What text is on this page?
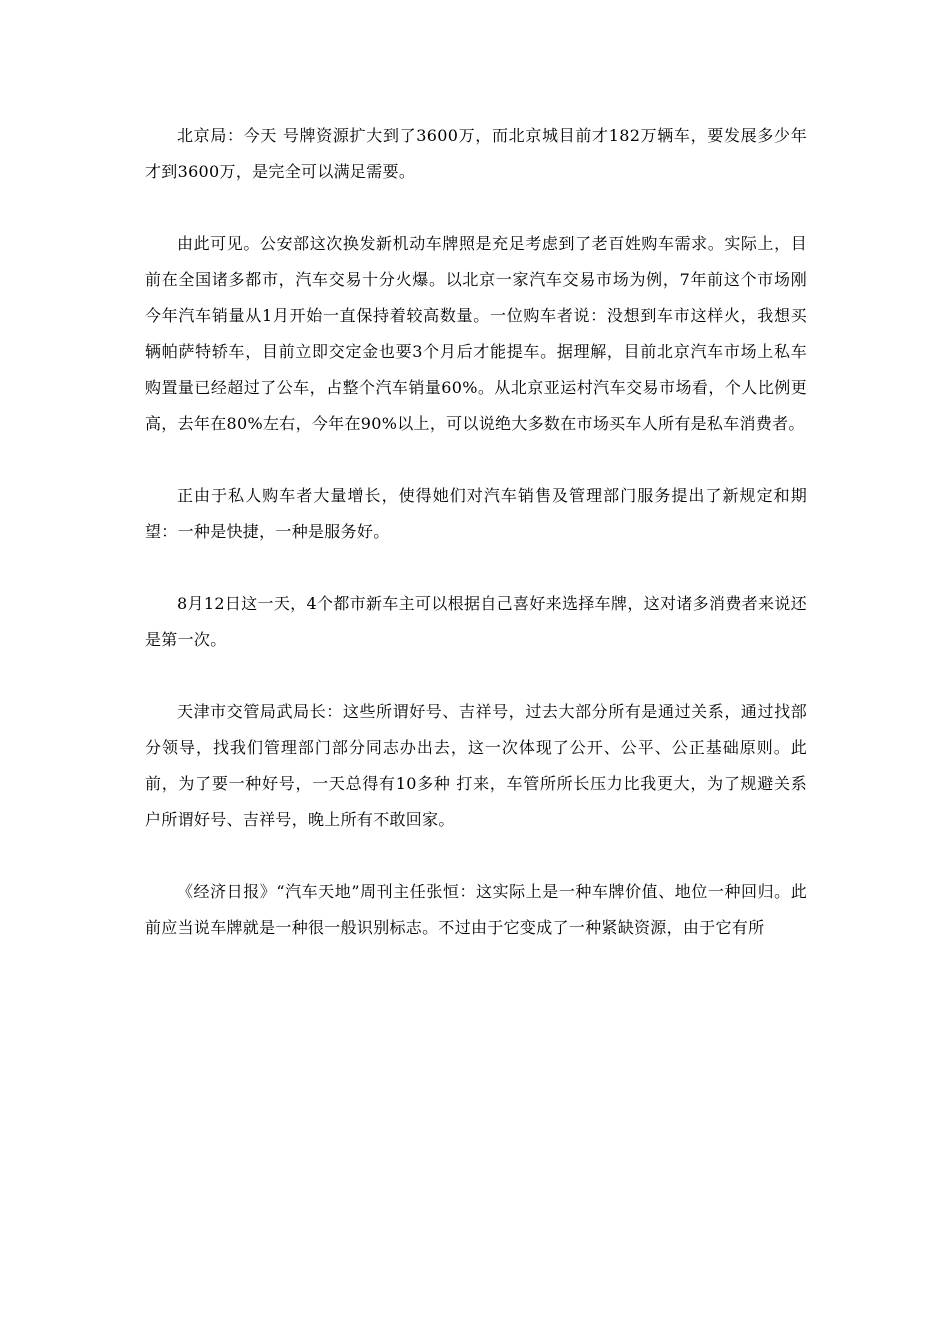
北京局：今天 号牌资源扩大到了3600万，而北京城目前才182万辆车，要发展多少年才到3600万，是完全可以满足需要。

由此可见。公安部这次换发新机动车牌照是充足考虑到了老百姓购车需求。实际上，目前在全国诸多都市，汽车交易十分火爆。以北京一家汽车交易市场为例，7年前这个市场刚今年汽车销量从1月开始一直保持着较高数量。一位购车者说：没想到车市这样火，我想买辆帕萨特轿车，目前立即交定金也要3个月后才能提车。据理解，目前北京汽车市场上私车购置量已经超过了公车，占整个汽车销量60%。从北京亚运村汽车交易市场看，个人比例更高，去年在80%左右，今年在90%以上，可以说绝大多数在市场买车人所有是私车消费者。

正由于私人购车者大量增长，使得她们对汽车销售及管理部门服务提出了新规定和期望：一种是快捷，一种是服务好。

8月12日这一天，4个都市新车主可以根据自己喜好来选择车牌，这对诸多消费者来说还是第一次。

天津市交管局武局长：这些所谓好号、吉祥号，过去大部分所有是通过关系，通过找部分领导，找我们管理部门部分同志办出去，这一次体现了公开、公平、公正基础原则。此前，为了要一种好号，一天总得有10多种 打来，车管所所长压力比我更大，为了规避关系户所谓好号、吉祥号，晚上所有不敢回家。

《经济日报》“汽车天地”周刊主任张恒：这实际上是一种车牌价值、地位一种回归。此前应当说车牌就是一种很一般识别标志。不过由于它变成了一种紧缺资源，由于它有所
